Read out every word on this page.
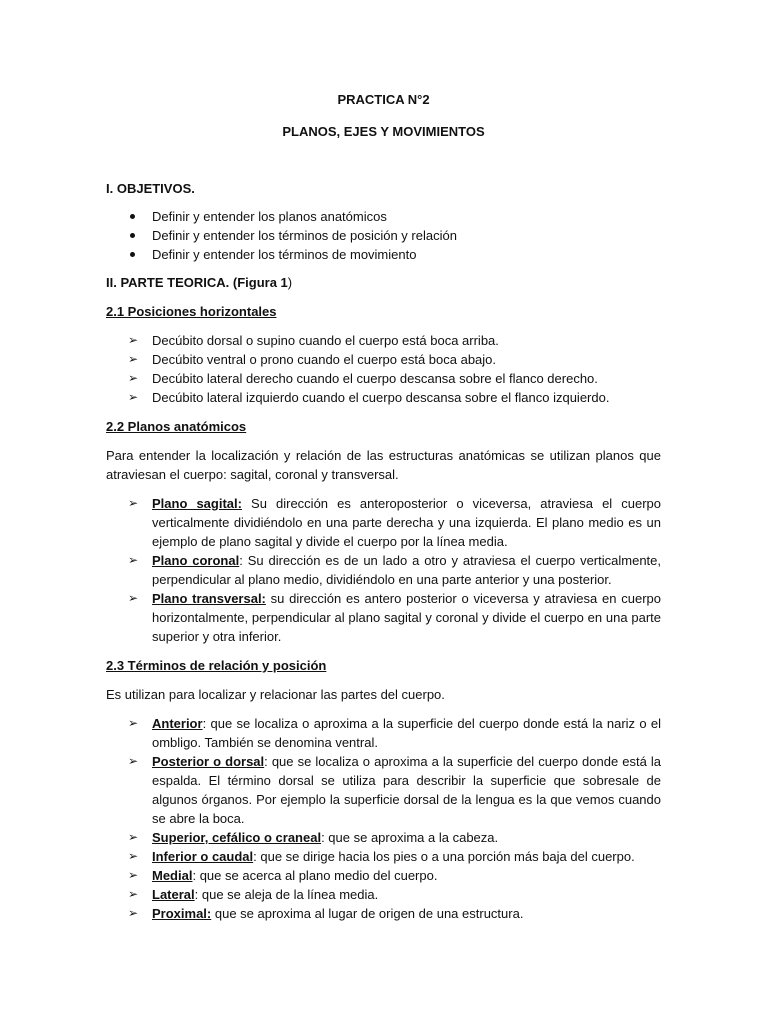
PRACTICA N°2

PLANOS, EJES Y MOVIMIENTOS

I. OBJETIVOS.

Definir y entender los planos anatómicos
Definir y entender los términos de posición y relación
Definir y entender los términos de movimiento

II. PARTE TEORICA. (Figura 1)

2.1 Posiciones horizontales

➢ Decúbito dorsal o supino cuando el cuerpo está boca arriba.
➢ Decúbito ventral o prono cuando el cuerpo está boca abajo.
➢ Decúbito lateral derecho cuando el cuerpo descansa sobre el flanco derecho.
➢ Decúbito lateral izquierdo cuando el cuerpo descansa sobre el flanco izquierdo.

2.2 Planos anatómicos

Para entender la localización y relación de las estructuras anatómicas se utilizan planos que atraviesan el cuerpo: sagital, coronal y transversal.

➢ Plano sagital: Su dirección es anteroposterior o viceversa, atraviesa el cuerpo verticalmente dividiéndolo en una parte derecha y una izquierda. El plano medio es un ejemplo de plano sagital y divide el cuerpo por la línea media.
➢ Plano coronal: Su dirección es de un lado a otro y atraviesa el cuerpo verticalmente, perpendicular al plano medio, dividiéndolo en una parte anterior y una posterior.
➢ Plano transversal: su dirección es antero posterior o viceversa y atraviesa en cuerpo horizontalmente, perpendicular al plano sagital y coronal y divide el cuerpo en una parte superior y otra inferior.

2.3 Términos de relación y posición

Es utilizan para localizar y relacionar las partes del cuerpo.

➢ Anterior: que se localiza o aproxima a la superficie del cuerpo donde está la nariz o el ombligo. También se denomina ventral.
➢ Posterior o dorsal: que se localiza o aproxima a la superficie del cuerpo donde está la espalda. El término dorsal se utiliza para describir la superficie que sobresale de algunos órganos. Por ejemplo la superficie dorsal de la lengua es la que vemos cuando se abre la boca.
➢ Superior, cefálico o craneal: que se aproxima a la cabeza.
➢ Inferior o caudal: que se dirige hacia los pies o a una porción más baja del cuerpo.
➢ Medial: que se acerca al plano medio del cuerpo.
➢ Lateral: que se aleja de la línea media.
➢ Proximal: que se aproxima al lugar de origen de una estructura.
